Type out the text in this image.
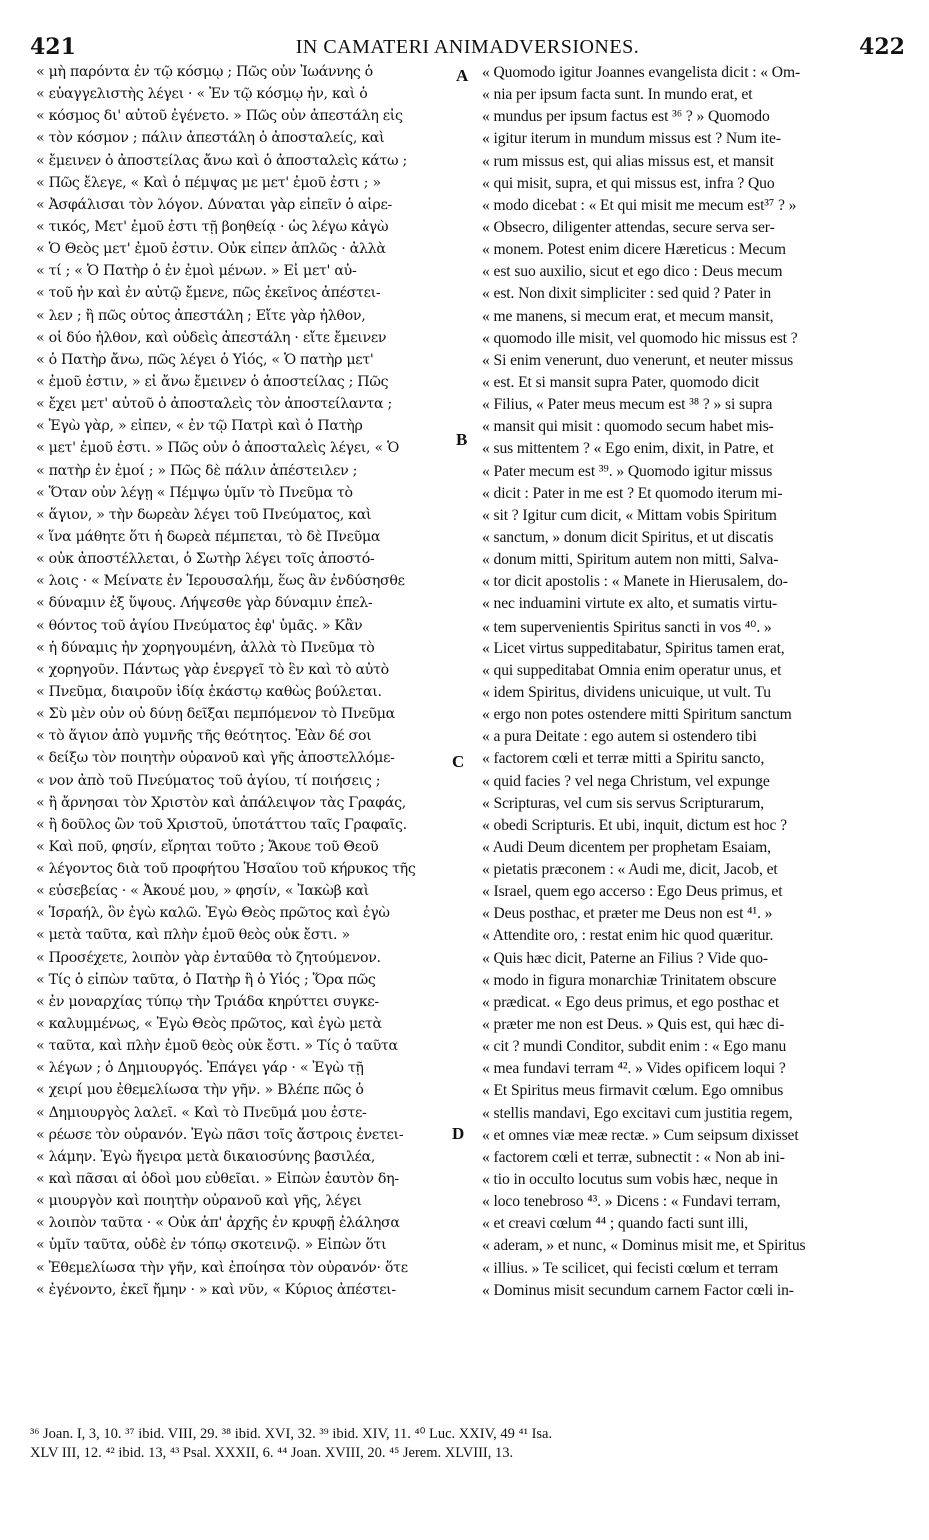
421	IN CAMATERI ANIMADVERSIONES.	422
« μὴ παρόντα ἐν τῷ κόσμῳ ; Πῶς οὖν Ἰωάννης ὁ
« εὐαγγελιστὴς λέγει · « Ἐν τῷ κόσμῳ ἦν, καὶ ὁ
« κόσμος δι' αὐτοῦ ἐγένετο. » Πῶς οὖν ἀπεστάλη εἰς
« τὸν κόσμον ; πάλιν ἀπεστάλη ὁ ἀποσταλείς, καὶ
« ἔμεινεν ὁ ἀποστείλας ἄνω καὶ ὁ ἀποσταλεὶς κάτω ;
« Πῶς ἔλεγε, « Καὶ ὁ πέμψας με μετ' ἐμοῦ ἐστι ; »
« Ἀσφάλισαι τὸν λόγον. Δύναται γὰρ εἰπεῖν ὁ αἱρε-
« τικός, Μετ' ἐμοῦ ἐστι τῇ βοηθείᾳ · ὡς λέγω κἀγὼ
« Ὁ Θεὸς μετ' ἐμοῦ ἐστιν. Οὐκ εἶπεν ἁπλῶς · ἀλλὰ
« τί ; « Ὁ Πατὴρ ὁ ἐν ἐμοὶ μένων. » Εἰ μετ' αὐ-
« τοῦ ἦν καὶ ἐν αὐτῷ ἔμενε, πῶς ἐκεῖνος ἀπέστει-
« λεν ; ἢ πῶς οὗτος ἀπεστάλη ; Εἴτε γὰρ ἦλθον,
« οἱ δύο ἦλθον, καὶ οὐδεὶς ἀπεστάλη · εἴτε ἔμεινεν
« ὁ Πατὴρ ἄνω, πῶς λέγει ὁ Υἱός, « Ὁ πατὴρ μετ'
« ἐμοῦ ἐστιν, » εἰ ἄνω ἔμεινεν ὁ ἀποστείλας ; Πῶς
« ἔχει μετ' αὐτοῦ ὁ ἀποσταλεὶς τὸν ἀποστείλαντα ;
« Ἐγὼ γὰρ, » εἶπεν, « ἐν τῷ Πατρὶ καὶ ὁ Πατὴρ
« μετ' ἐμοῦ ἐστι. » Πῶς οὖν ὁ ἀποσταλεὶς λέγει, « Ὁ
« πατὴρ ἐν ἐμοί ; » Πῶς δὲ πάλιν ἀπέστειλεν ;
« Ὅταν οὖν λέγῃ « Πέμψω ὑμῖν τὸ Πνεῦμα τὸ
« ἅγιον, » τὴν δωρεὰν λέγει τοῦ Πνεύματος, καὶ
« ἵνα μάθητε ὅτι ἡ δωρεὰ πέμπεται, τὸ δὲ Πνεῦμα
« οὐκ ἀποστέλλεται, ὁ Σωτὴρ λέγει τοῖς ἀποστό-
« λοις · « Μείνατε ἐν Ἱερουσαλήμ, ἕως ἂν ἐνδύσησθε
« δύναμιν ἐξ ὕψους. Λήψεσθε γὰρ δύναμιν ἐπελ-
« θόντος τοῦ ἁγίου Πνεύματος ἐφ' ὑμᾶς. » Κἂν
« ἡ δύναμις ἦν χορηγουμένη, ἀλλὰ τὸ Πνεῦμα τὸ
« χορηγοῦν. Πάντως γὰρ ἐνεργεῖ τὸ ἓν καὶ τὸ αὐτὸ
« Πνεῦμα, διαιροῦν ἰδίᾳ ἑκάστῳ καθὼς βούλεται.
« Σὺ μὲν οὖν οὐ δύνῃ δεῖξαι πεμπόμενον τὸ Πνεῦμα
« τὸ ἅγιον ἀπὸ γυμνῆς τῆς θεότητος. Ἐὰν δέ σοι
« δείξω τὸν ποιητὴν οὐρανοῦ καὶ γῆς ἀποστελλόμε-
« νον ἀπὸ τοῦ Πνεύματος τοῦ ἁγίου, τί ποιήσεις ;
« ἢ ἄρνησαι τὸν Χριστὸν καὶ ἀπάλειψον τὰς Γραφάς,
« ἢ δοῦλος ὢν τοῦ Χριστοῦ, ὑποτάττου ταῖς Γραφαῖς.
« Καὶ ποῦ, φησίν, εἴρηται τοῦτο ; Ἄκουε τοῦ Θεοῦ
« λέγοντος διὰ τοῦ προφήτου Ἡσαΐου τοῦ κήρυκος τῆς
« εὐσεβείας · « Ἀκουέ μου, » φησίν, « Ἰακὼβ καὶ
« Ἰσραήλ, ὃν ἐγὼ καλῶ. Ἐγὼ Θεὸς πρῶτος καὶ ἐγὼ
« μετὰ ταῦτα, καὶ πλὴν ἐμοῦ θεὸς οὐκ ἔστι. »
« Προσέχετε, λοιπὸν γὰρ ἐνταῦθα τὸ ζητούμενον.
« Τίς ὁ εἰπὼν ταῦτα, ὁ Πατὴρ ἢ ὁ Υἱός ; Ὅρα πῶς
« ἐν μοναρχίας τύπῳ τὴν Τριάδα κηρύττει συγκε-
« καλυμμένως, « Ἐγὼ Θεὸς πρῶτος, καὶ ἐγὼ μετὰ
« ταῦτα, καὶ πλὴν ἐμοῦ θεὸς οὐκ ἔστι. » Τίς ὁ ταῦτα
« λέγων ; ὁ Δημιουργός. Ἐπάγει γάρ · « Ἐγὼ τῇ
« χειρί μου ἐθεμελίωσα τὴν γῆν. » Βλέπε πῶς ὁ
« Δημιουργὸς λαλεῖ. « Καὶ τὸ Πνεῦμά μου ἐστε-
« ρέωσε τὸν οὐρανόν. Ἐγὼ πᾶσι τοῖς ἄστροις ἐνετει-
« λάμην. Ἐγὼ ἤγειρα μετὰ δικαιοσύνης βασιλέα,
« καὶ πᾶσαι αἱ ὁδοὶ μου εὐθεῖαι. » Εἰπὼν ἑαυτὸν δη-
« μιουργὸν καὶ ποιητὴν οὐρανοῦ καὶ γῆς, λέγει
« λοιπὸν ταῦτα · « Οὐκ ἀπ' ἀρχῆς ἐν κρυφῇ ἐλάλησα
« ὑμῖν ταῦτα, οὐδὲ ἐν τόπῳ σκοτεινῷ. » Εἰπὼν ὅτι
« Ἐθεμελίωσα τὴν γῆν, καὶ ἐποίησα τὸν οὐρανόν· ὅτε
« ἐγένοντο, ἐκεῖ ἤμην · » καὶ νῦν, « Κύριος ἀπέστει-
« Quomodo igitur Joannes evangelista dicit : « Om-
« nia per ipsum facta sunt. In mundo erat, et
« mundus per ipsum factus est ³⁶ ? » Quomodo
« igitur iterum in mundum missus est ? Num ite-
« rum missus est, qui alias missus est, et mansit
« qui misit, supra, et qui missus est, infra ? Quo
« modo dicebat : « Et qui misit me mecum est³⁷ ? »
« Obsecro, diligenter attendas, secure serva ser-
« monem. Potest enim dicere Hæreticus : Mecum
« est suo auxilio, sicut et ego dico : Deus mecum
« est. Non dixit simpliciter : sed quid ? Pater in
« me manens, si mecum erat, et mecum mansit,
« quomodo ille misit, vel quomodo hic missus est ?
« Si enim venerunt, duo venerunt, et neuter missus
« est. Et si mansit supra Pater, quomodo dicit
« Filius, « Pater meus mecum est ³⁸ ? » si supra
« mansit qui misit : quomodo secum habet mis-
« sus mittentem ? « Ego enim, dixit, in Patre, et
« Pater mecum est ³⁹. » Quomodo igitur missus
« dicit : Pater in me est ? Et quomodo iterum mi-
« sit ? Igitur cum dicit, « Mittam vobis Spiritum
« sanctum, » donum dicit Spiritus, et ut discatis
« donum mitti, Spiritum autem non mitti, Salva-
« tor dicit apostolis : « Manete in Hierusalem, do-
« nec induamini virtute ex alto, et sumatis virtu-
« tem supervenientis Spiritus sancti in vos ⁴⁰. »
« Licet virtus suppeditabatur, Spiritus tamen erat,
« qui suppeditabat Omnia enim operatur unus, et
« idem Spiritus, dividens unicuique, ut vult. Tu
« ergo non potes ostendere mitti Spiritum sanctum
« a pura Deitate : ego autem si ostendero tibi
« factorem cœli et terræ mitti a Spiritu sancto,
« quid facies ? vel nega Christum, vel expunge
« Scripturas, vel cum sis servus Scripturarum,
« obedi Scripturis. Et ubi, inquit, dictum est hoc ?
« Audi Deum dicentem per prophetam Esaiam,
« pietatis præconem : « Audi me, dicit, Jacob, et
« Israel, quem ego accerso : Ego Deus primus, et
« Deus posthac, et præter me Deus non est ⁴¹. »
« Attendite oro, : restat enim hic quod quæritur.
« Quis hæc dicit, Paterne an Filius ? Vide quo-
« modo in figura monarchiæ Trinitatem obscure
« prædicat. « Ego deus primus, et ego posthac et
« præter me non est Deus. » Quis est, qui hæc di-
« cit ? mundi Conditor, subdit enim : « Ego manu
« mea fundavi terram ⁴². » Vides opificem loqui ?
« Et Spiritus meus firmavit cœlum. Ego omnibus
« stellis mandavi, Ego excitavi cum justitia regem,
« et omnes viæ meæ rectæ. » Cum seipsum dixisset
« factorem cœli et terræ, subnectit : « Non ab ini-
« tio in occulto locutus sum vobis hæc, neque in
« loco tenebroso ⁴³. » Dicens : « Fundavi terram,
« et creavi cœlum ⁴⁴ ; quando facti sunt illi,
« aderam, » et nunc, « Dominus misit me, et Spiritus
« illius. » Te scilicet, qui fecisti cœlum et terram
« Dominus misit secundum carnem Factor cœli in-
A
B
C
D
³⁶ Joan. I, 3, 10. ³⁷ ibid. VIII, 29. ³⁸ ibid. XVI, 32. ³⁹ ibid. XIV, 11. ⁴⁰ Luc. XXIV, 49 ⁴¹ Isa.
XLV III, 12. ⁴² ibid. 13, ⁴³ Psal. XXXII, 6. ⁴⁴ Joan. XVIII, 20. ⁴⁵ Jerem. XLVIII, 13.
